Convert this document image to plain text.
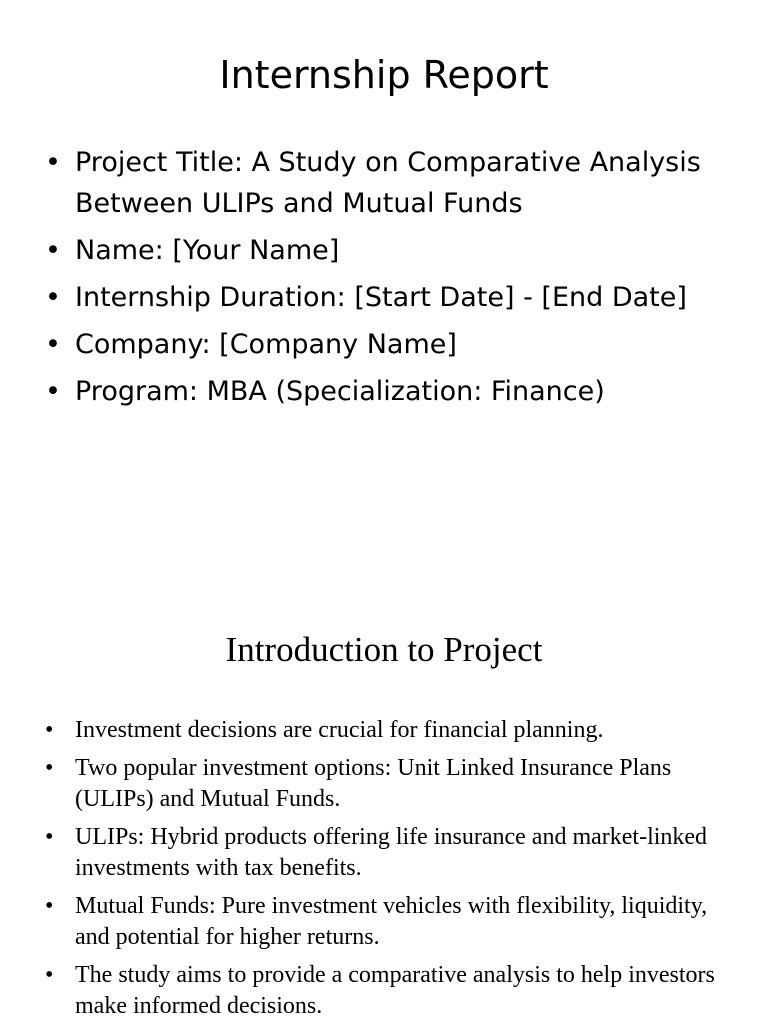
Internship Report
• Project Title: A Study on Comparative Analysis Between ULIPs and Mutual Funds
• Name: [Your Name]
• Internship Duration: [Start Date] - [End Date]
• Company: [Company Name]
• Program: MBA (Specialization: Finance)
Introduction to Project
• Investment decisions are crucial for financial planning.
• Two popular investment options: Unit Linked Insurance Plans (ULIPs) and Mutual Funds.
• ULIPs: Hybrid products offering life insurance and market-linked investments with tax benefits.
• Mutual Funds: Pure investment vehicles with flexibility, liquidity, and potential for higher returns.
• The study aims to provide a comparative analysis to help investors make informed decisions.
